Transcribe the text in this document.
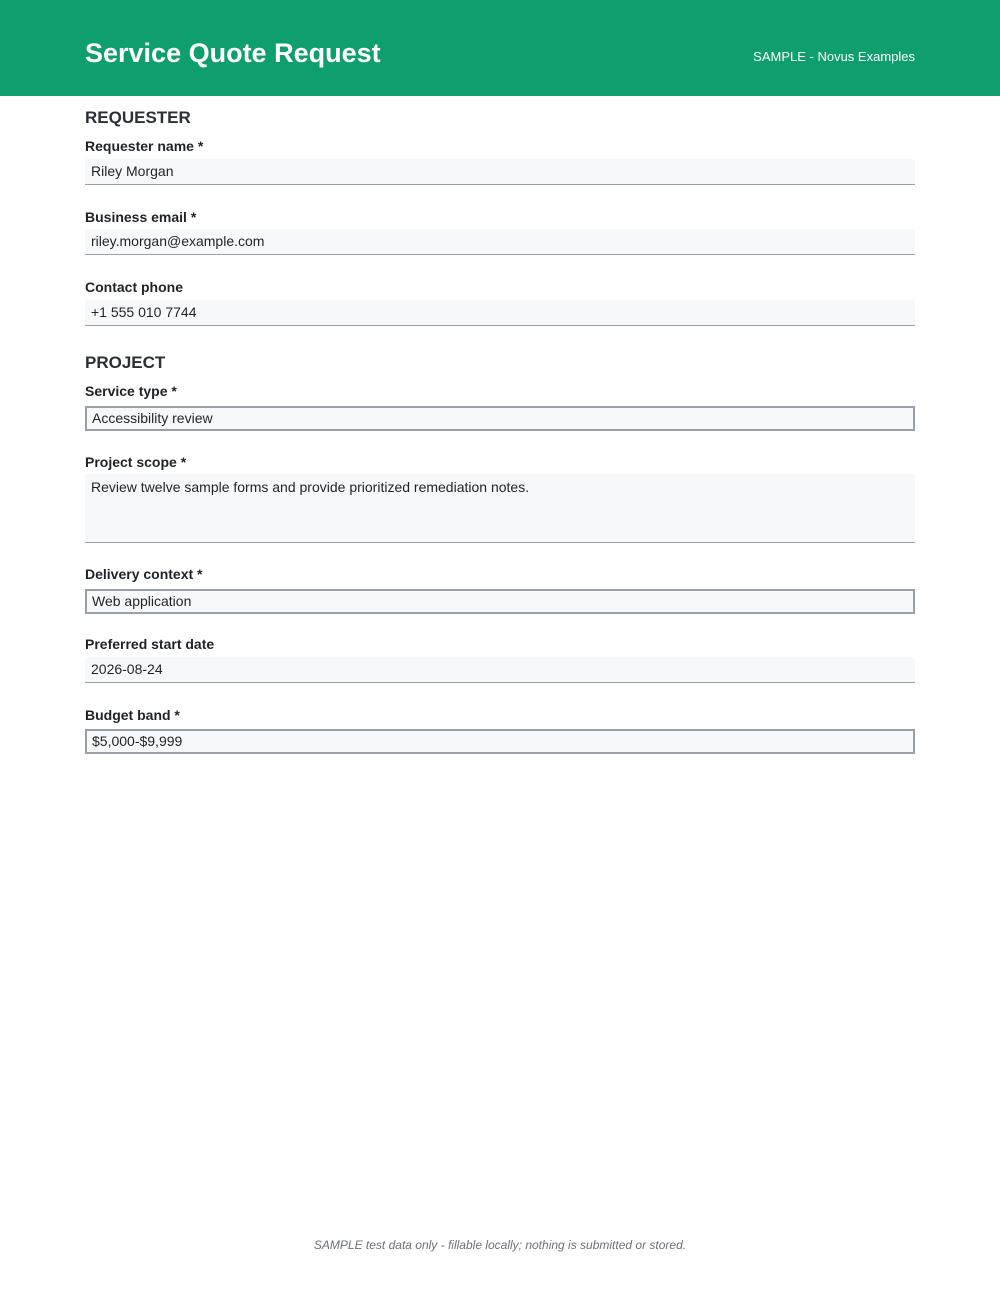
Service Quote Request	SAMPLE - Novus Examples
REQUESTER
Requester name *
Riley Morgan
Business email *
riley.morgan@example.com
Contact phone
+1 555 010 7744
PROJECT
Service type *
Accessibility review
Project scope *
Review twelve sample forms and provide prioritized remediation notes.
Delivery context *
Web application
Preferred start date
2026-08-24
Budget band *
$5,000-$9,999
SAMPLE test data only - fillable locally; nothing is submitted or stored.
